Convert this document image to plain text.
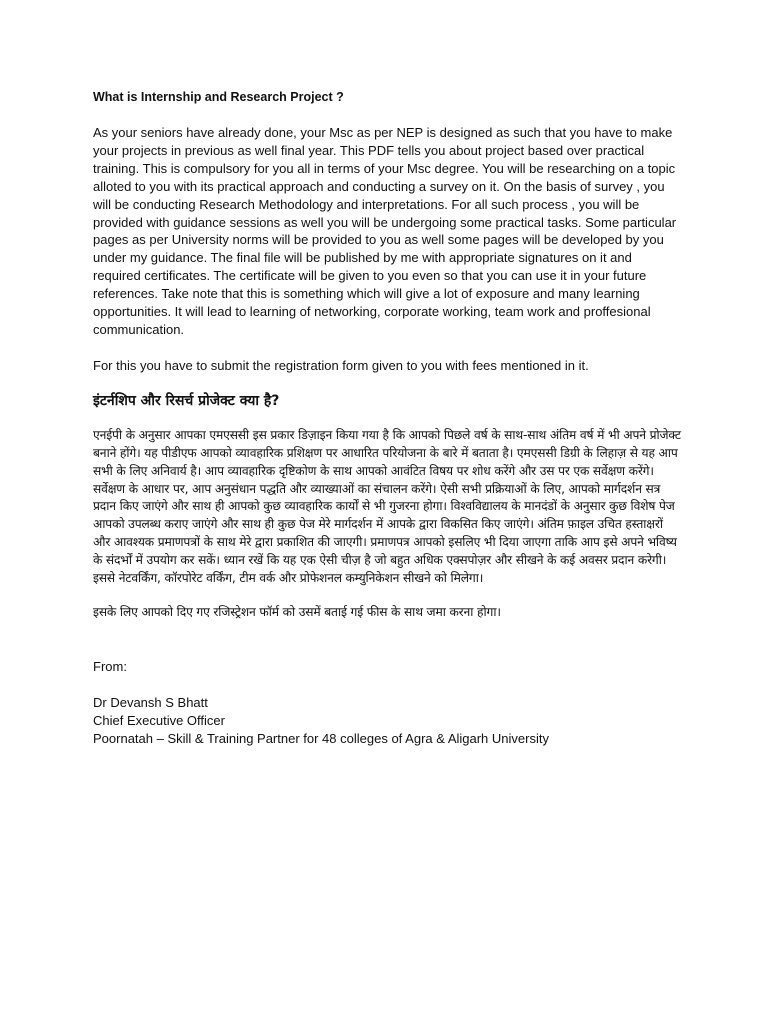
What is Internship and Research Project ?

As your seniors have already done, your Msc as per NEP is designed as such that you have to make your projects in previous as well final year. This PDF tells you about project based over practical training. This is compulsory for you all in terms of your Msc degree. You will be researching on a topic alloted to you with its practical approach and conducting a survey on it. On the basis of survey , you will be conducting Research Methodology and interpretations. For all such process , you will be provided with guidance sessions as well you will be undergoing some practical tasks. Some particular pages as per University norms will be provided to you as well some pages will be developed by you under my guidance. The final file will be published by me with appropriate signatures on it and required certificates. The certificate will be given to you even so that you can use it in your future references. Take note that this is something which will give a lot of exposure and many learning opportunities. It will lead to learning of networking, corporate working, team work and proffesional communication.

For this you have to submit the registration form given to you with fees mentioned in it.

इंटर्नशिप और रिसर्च प्रोजेक्ट क्या है?

एनईपी के अनुसार आपका एमएससी इस प्रकार डिज़ाइन किया गया है कि आपको पिछले वर्ष के साथ-साथ अंतिम वर्ष में भी अपने प्रोजेक्ट बनाने होंगे। यह पीडीएफ आपको व्यावहारिक प्रशिक्षण पर आधारित परियोजना के बारे में बताता है। एमएससी डिग्री के लिहाज़ से यह आप सभी के लिए अनिवार्य है। आप व्यावहारिक दृष्टिकोण के साथ आपको आवंटित विषय पर शोध करेंगे और उस पर एक सर्वेक्षण करेंगे। सर्वेक्षण के आधार पर, आप अनुसंधान पद्धति और व्याख्याओं का संचालन करेंगे। ऐसी सभी प्रक्रियाओं के लिए, आपको मार्गदर्शन सत्र प्रदान किए जाएंगे और साथ ही आपको कुछ व्यावहारिक कार्यों से भी गुजरना होगा। विश्वविद्यालय के मानदंडों के अनुसार कुछ विशेष पेज आपको उपलब्ध कराए जाएंगे और साथ ही कुछ पेज मेरे मार्गदर्शन में आपके द्वारा विकसित किए जाएंगे। अंतिम फ़ाइल उचित हस्ताक्षरों और आवश्यक प्रमाणपत्रों के साथ मेरे द्वारा प्रकाशित की जाएगी। प्रमाणपत्र आपको इसलिए भी दिया जाएगा ताकि आप इसे अपने भविष्य के संदर्भों में उपयोग कर सकें। ध्यान रखें कि यह एक ऐसी चीज़ है जो बहुत अधिक एक्सपोज़र और सीखने के कई अवसर प्रदान करेगी। इससे नेटवर्किंग, कॉरपोरेट वर्किंग, टीम वर्क और प्रोफेशनल कम्युनिकेशन सीखने को मिलेगा।

इसके लिए आपको दिए गए रजिस्ट्रेशन फॉर्म को उसमें बताई गई फीस के साथ जमा करना होगा।

From:

Dr Devansh S Bhatt

Chief Executive Officer

Poornatah – Skill & Training Partner for 48 colleges of Agra & Aligarh University
